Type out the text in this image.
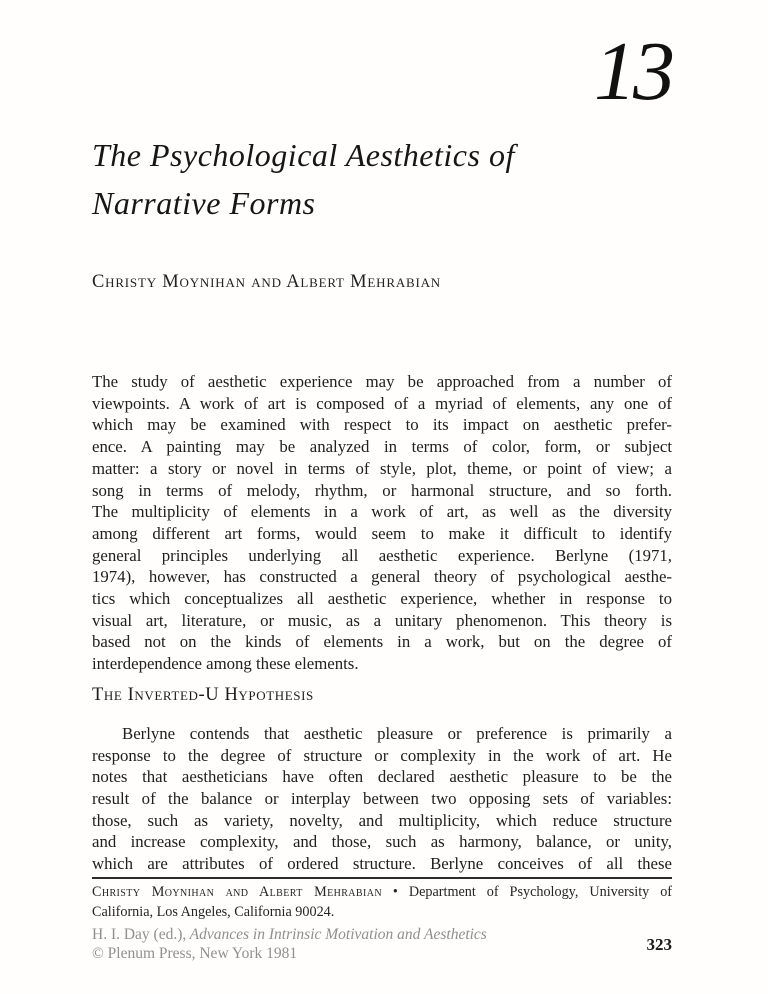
13
The Psychological Aesthetics of
Narrative Forms
Christy Moynihan and Albert Mehrabian
The study of aesthetic experience may be approached from a number of
viewpoints. A work of art is composed of a myriad of elements, any one of
which may be examined with respect to its impact on aesthetic prefer-
ence. A painting may be analyzed in terms of color, form, or subject
matter: a story or novel in terms of style, plot, theme, or point of view; a
song in terms of melody, rhythm, or harmonal structure, and so forth.
The multiplicity of elements in a work of art, as well as the diversity
among different art forms, would seem to make it difficult to identify
general principles underlying all aesthetic experience. Berlyne (1971,
1974), however, has constructed a general theory of psychological aesthe-
tics which conceptualizes all aesthetic experience, whether in response to
visual art, literature, or music, as a unitary phenomenon. This theory is
based not on the kinds of elements in a work, but on the degree of
interdependence among these elements.
The Inverted-U Hypothesis
Berlyne contends that aesthetic pleasure or preference is primarily a
response to the degree of structure or complexity in the work of art. He
notes that aestheticians have often declared aesthetic pleasure to be the
result of the balance or interplay between two opposing sets of variables:
those, such as variety, novelty, and multiplicity, which reduce structure
and increase complexity, and those, such as harmony, balance, or unity,
which are attributes of ordered structure. Berlyne conceives of all these
Christy Moynihan and Albert Mehrabian • Department of Psychology, University of
California, Los Angeles, California 90024.
H. I. Day (ed.), Advances in Intrinsic Motivation and Aesthetics
© Plenum Press, New York 1981	323
